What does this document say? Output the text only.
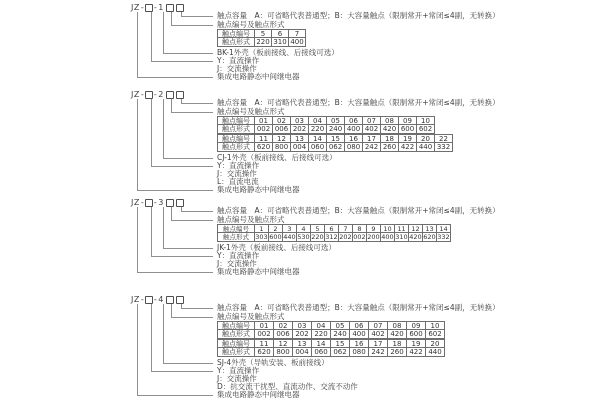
JZ - - 1
触点容量　A：可省略代表普通型；B：大容量触点（限制常开+常闭≤4副，无转换）
触点编号及触点形式
BK-1外壳（板前接线、后接线可选）
Y：直流操作
J：交流操作
集成电路静态中间继电器
触点编号	5	6	7
触点形式 220 310 400
JZ - - 2
触点容量　A：可省略代表普通型；B：大容量触点（限制常开+常闭≤4副，无转换）
触点编号及触点形式
CJ-1外壳（板前接线、后接线可选）
Y：直流操作
J：交流操作
L：直流电流
集成电路静态中间继电器
触点编号	01	02	03	04	05	06	07	08	09	10
触点形式 002 006 202 220 240 400 402 420 600 602
触点编号	11	12	13	14	15	16	17	18	19	20	22
触点形式 620 800 004 060 062 080 242 260 422 440 332
JZ - - 3
触点容量　A：可省略代表普通型；B：大容量触点（限制常开+常闭≤4副，无转换）
触点编号及触点形式
JK-1外壳（板前接线、后接线可选）
Y：直流操作
J：交流操作
集成电路静态中间继电器
触点编号	1	2	3	4	5	6	7	8	9	10 11 12 13 14
触点形式 303 600 440 530 220 312 202 002 200 400 310 420 620 332
JZ - - 4
触点容量　A：可省略代表普通型；B：大容量触点（限制常开+常闭≤4副，无转换）
触点编号及触点形式
SJ-4外壳（导轨安装、板前接线）
Y：直流操作
J：交流操作
D：抗交流干扰型、直流动作、交流不动作
集成电路静态中间继电器
触点编号	01	02	03	04	05	06	07	08	09	10
触点形式	002 006 202 220 240 400 402 420 600 602
触点编号	11	12	13	14	15	16	17	18	19	20
触点形式	620 800 004 060 062 080 242 260 422 440
